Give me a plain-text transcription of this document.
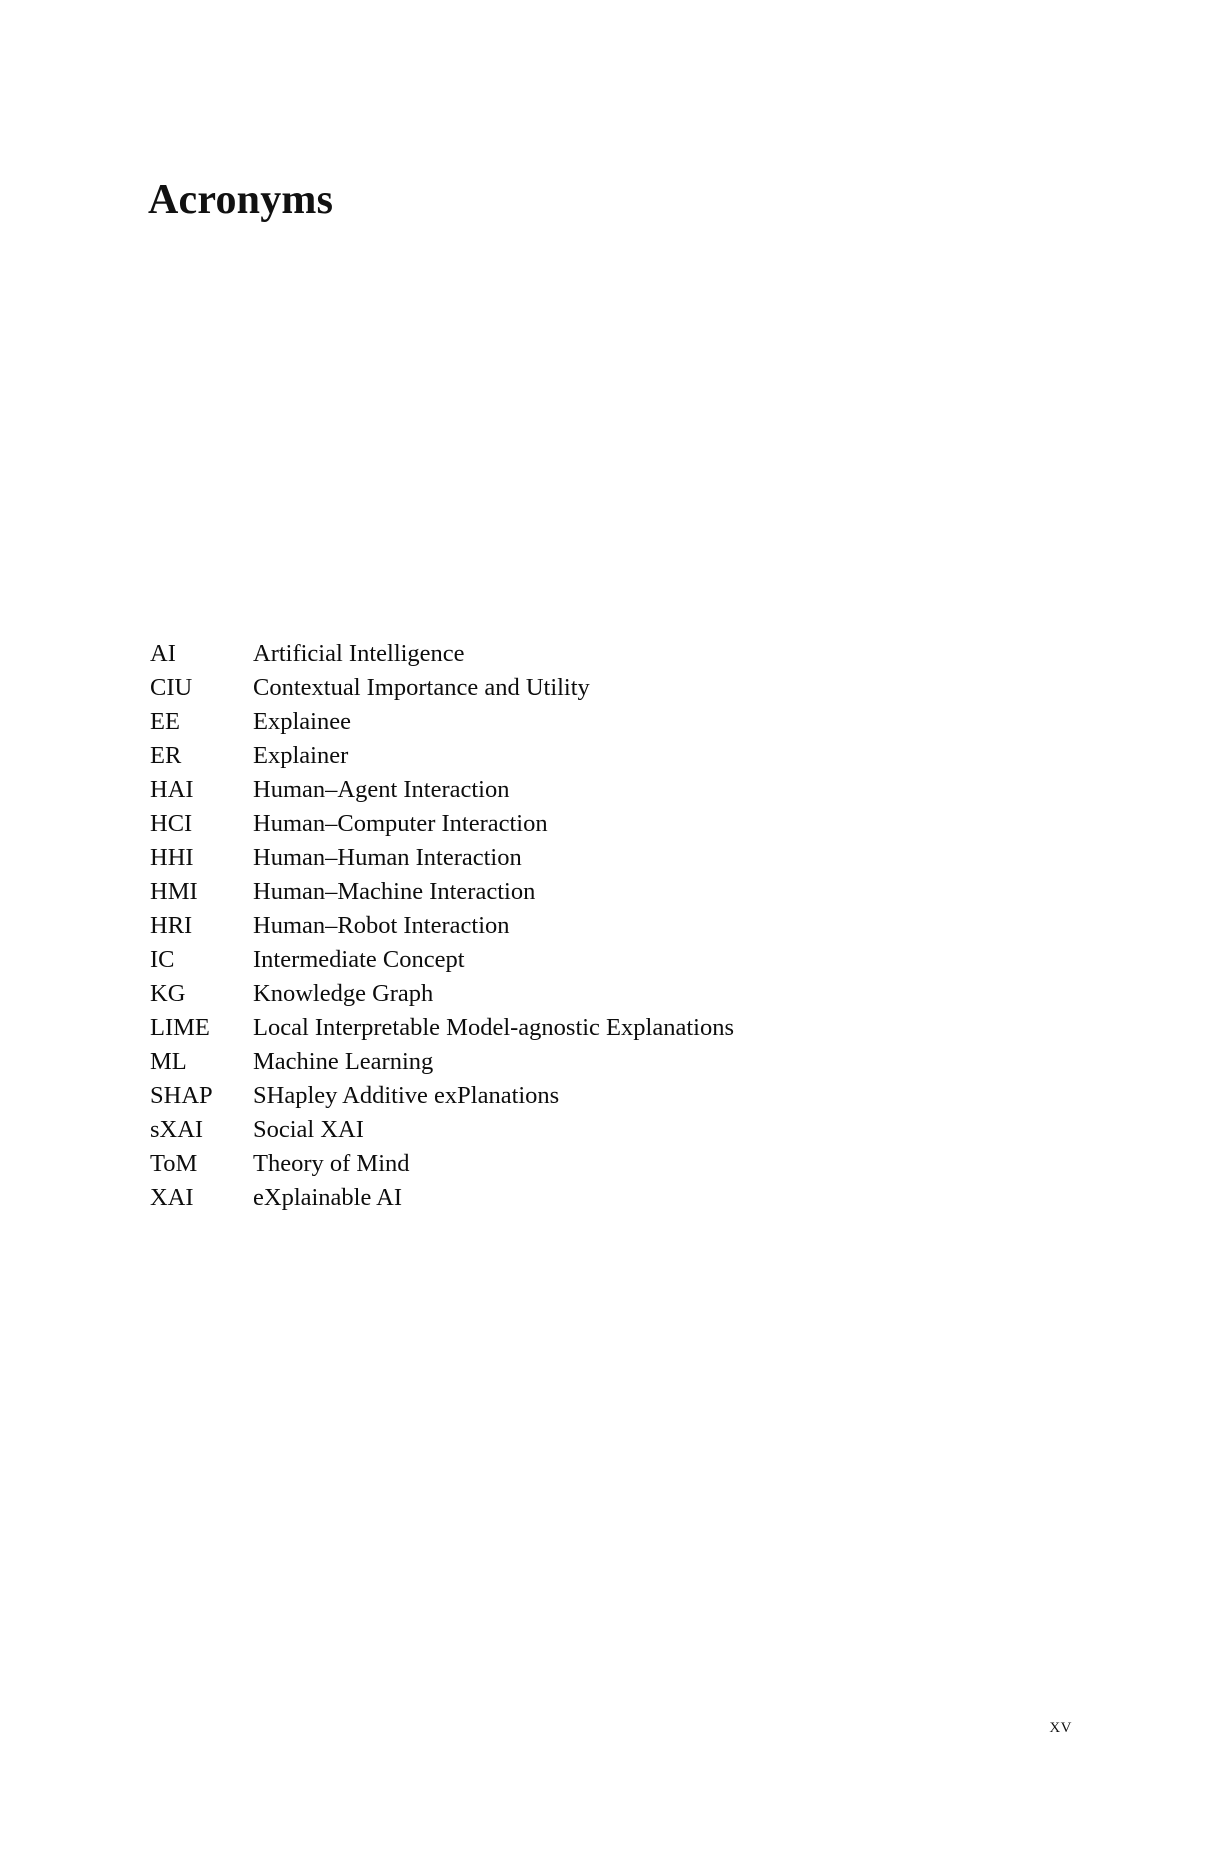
Acronyms
AI	Artificial Intelligence
CIU	Contextual Importance and Utility
EE	Explainee
ER	Explainer
HAI	Human–Agent Interaction
HCI	Human–Computer Interaction
HHI	Human–Human Interaction
HMI	Human–Machine Interaction
HRI	Human–Robot Interaction
IC	Intermediate Concept
KG	Knowledge Graph
LIME	Local Interpretable Model-agnostic Explanations
ML	Machine Learning
SHAP	SHapley Additive exPlanations
sXAI	Social XAI
ToM	Theory of Mind
XAI	eXplainable AI
xv
